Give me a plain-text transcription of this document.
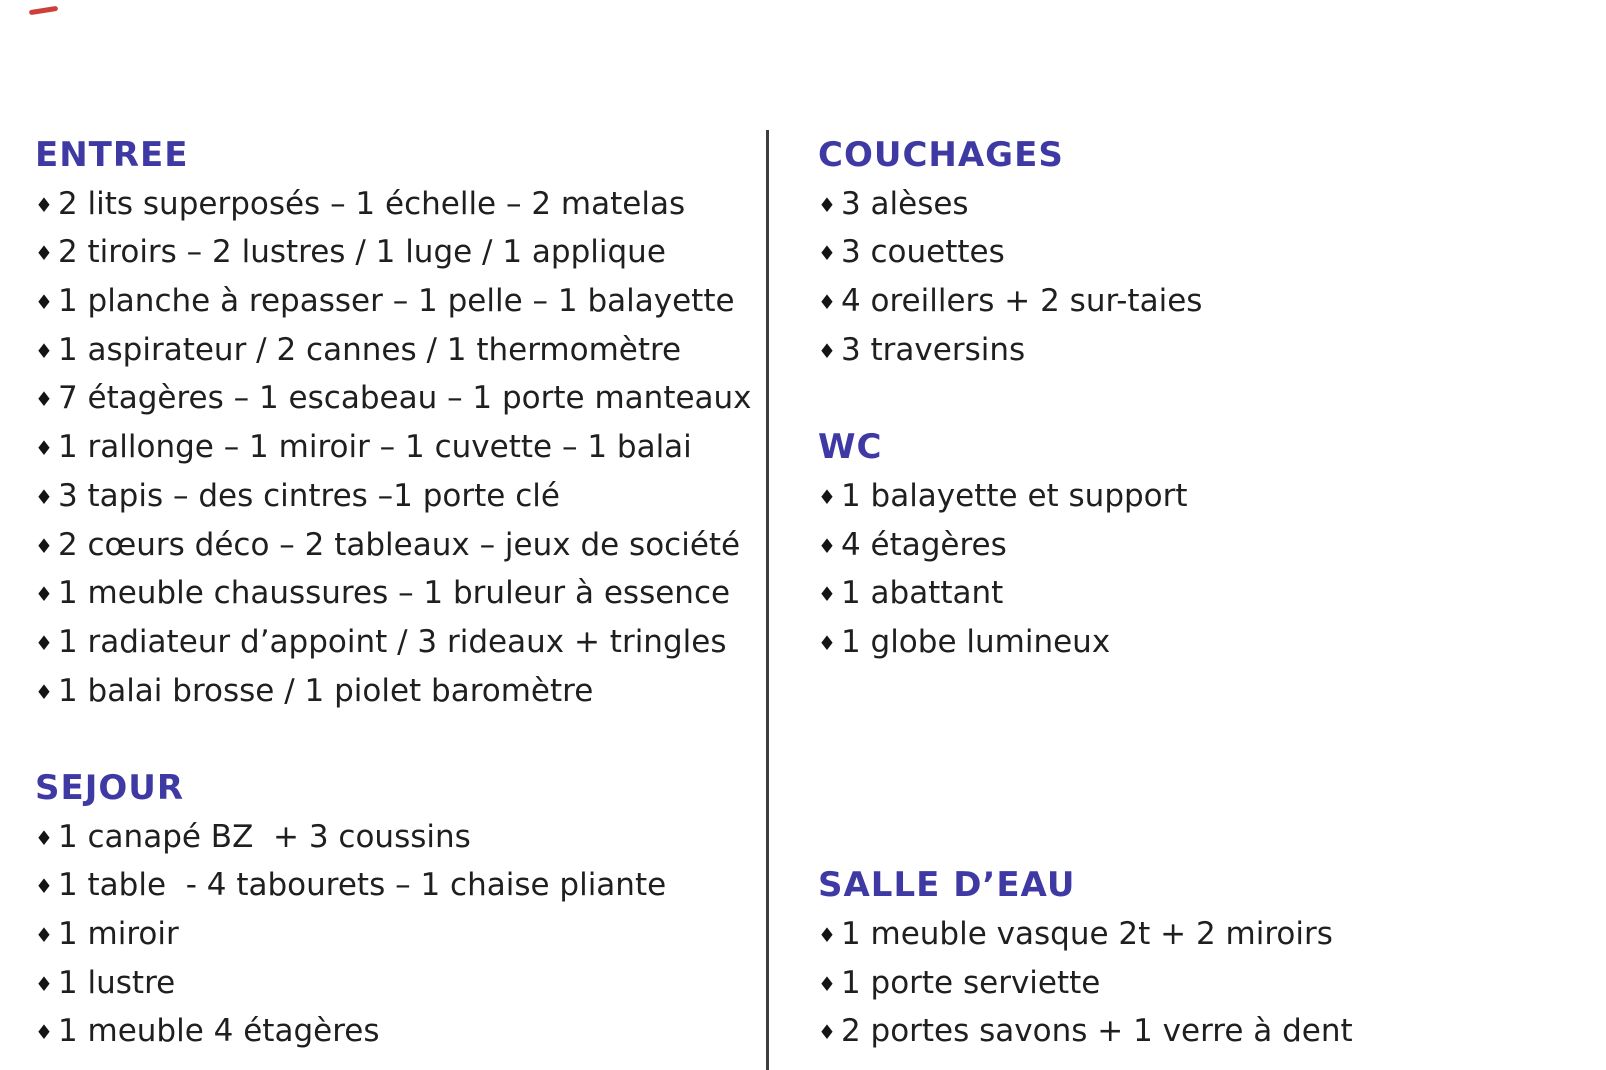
ENTREE
♦ 2 lits superposés – 1 échelle – 2 matelas
♦ 2 tiroirs – 2 lustres / 1 luge / 1 applique
♦ 1 planche à repasser – 1 pelle – 1 balayette
♦ 1 aspirateur / 2 cannes / 1 thermomètre
♦ 7 étagères – 1 escabeau – 1 porte manteaux
♦ 1 rallonge – 1 miroir – 1 cuvette – 1 balai
♦ 3 tapis – des cintres –1 porte clé
♦ 2 cœurs déco – 2 tableaux – jeux de société
♦ 1 meuble chaussures – 1 bruleur à essence
♦ 1 radiateur d’appoint / 3 rideaux + tringles
♦ 1 balai brosse / 1 piolet baromètre
SEJOUR
♦ 1 canapé BZ  + 3 coussins
♦ 1 table  - 4 tabourets – 1 chaise pliante
♦ 1 miroir
♦ 1 lustre
♦ 1 meuble 4 étagères
COUCHAGES
♦ 3 alèses
♦ 3 couettes
♦ 4 oreillers + 2 sur-taies
♦ 3 traversins
WC
♦ 1 balayette et support
♦ 4 étagères
♦ 1 abattant
♦ 1 globe lumineux
SALLE D’EAU
♦ 1 meuble vasque 2t + 2 miroirs
♦ 1 porte serviette
♦ 2 portes savons + 1 verre à dent
